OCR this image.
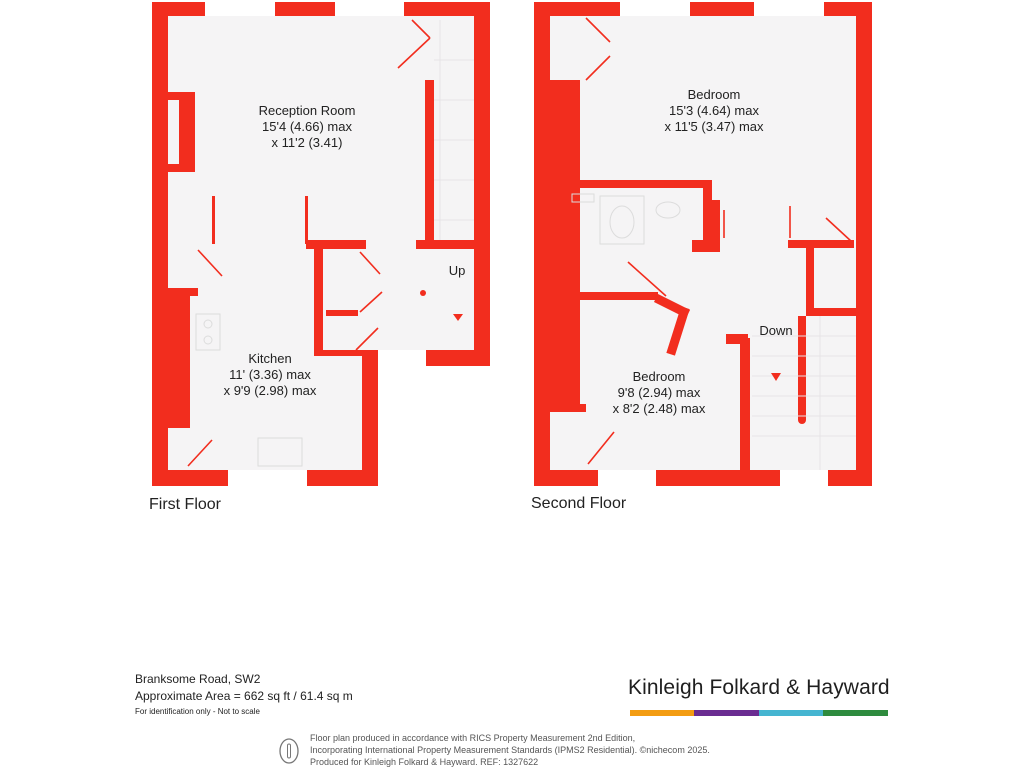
Reception Room
15'4 (4.66) max
x 11'2 (3.41)
Up
Kitchen
11' (3.36) max
x 9'9 (2.98) max
Bedroom
15'3 (4.64) max
x 11'5 (3.47) max
Down
Bedroom
9'8 (2.94) max
x 8'2 (2.48) max
First Floor	Second Floor
Branksome Road, SW2
Approximate Area = 662 sq ft / 61.4 sq m
For identification only - Not to scale
Kinleigh Folkard & Hayward
Floor plan produced in accordance with RICS Property Measurement 2nd Edition,
Incorporating International Property Measurement Standards (IPMS2 Residential). ©nichecom 2025.
Produced for Kinleigh Folkard & Hayward. REF: 1327622
